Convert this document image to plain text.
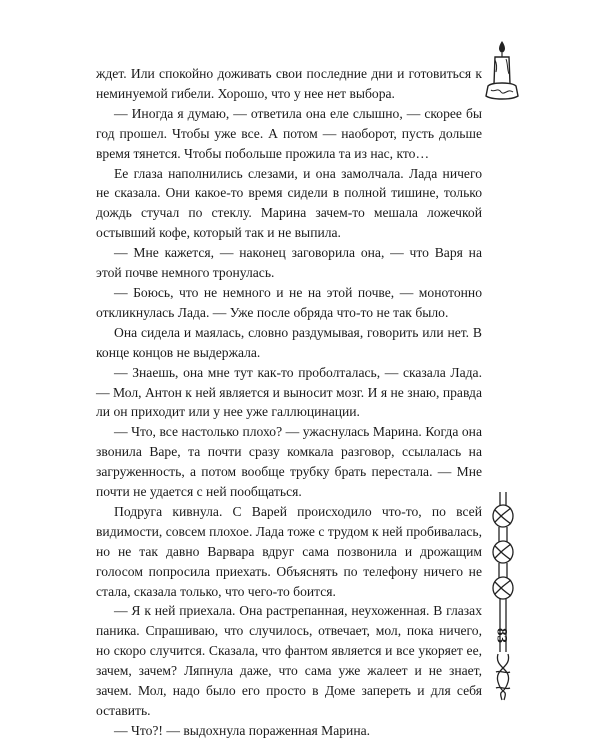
ждет. Или спокойно доживать свои последние дни и готовиться к неминуемой гибели. Хорошо, что у нее нет выбора.

— Иногда я думаю, — ответила она еле слышно, — скорее бы год прошел. Чтобы уже все. А потом — наоборот, пусть дольше время тянется. Чтобы побольше прожила та из нас, кто…

Ее глаза наполнились слезами, и она замолчала. Лада ничего не сказала. Они какое-то время сидели в полной тишине, только дождь стучал по стеклу. Марина зачем-то мешала ложечкой остывший кофе, который так и не выпила.

— Мне кажется, — наконец заговорила она, — что Варя на этой почве немного тронулась.

— Боюсь, что не немного и не на этой почве, — монотонно откликнулась Лада. — Уже после обряда что-то не так было.

Она сидела и маялась, словно раздумывая, говорить или нет. В конце концов не выдержала.

— Знаешь, она мне тут как-то проболталась, — сказала Лада. — Мол, Антон к ней является и выносит мозг. И я не знаю, правда ли он приходит или у нее уже галлюцинации.

— Что, все настолько плохо? — ужаснулась Марина. Когда она звонила Варе, та почти сразу комкала разговор, ссылалась на загруженность, а потом вообще трубку брать перестала. — Мне почти не удается с ней пообщаться.

Подруга кивнула. С Варей происходило что-то, по всей видимости, совсем плохое. Лада тоже с трудом к ней пробивалась, но не так давно Варвара вдруг сама позвонила и дрожащим голосом попросила приехать. Объяснять по телефону ничего не стала, сказала только, что чего-то боится.

— Я к ней приехала. Она растрепанная, неухоженная. В глазах паника. Спрашиваю, что случилось, отвечает, мол, пока ничего, но скоро случится. Сказала, что фантом является и все укоряет ее, зачем, зачем? Ляпнула даже, что сама уже жалеет и не знает, зачем. Мол, надо было его просто в Доме запереть и для себя оставить.

— Что?! — выдохнула пораженная Марина.

83
